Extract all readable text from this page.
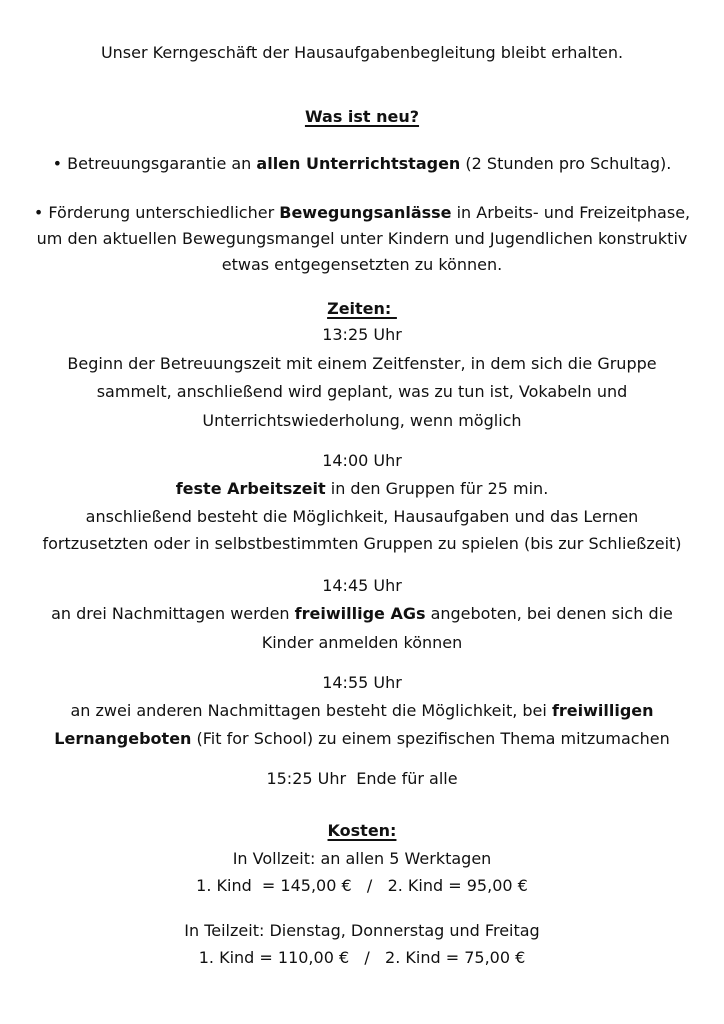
Unser Kerngeschäft der Hausaufgabenbegleitung bleibt erhalten.
Was ist neu?
• Betreuungsgarantie an allen Unterrichtstagen (2 Stunden pro Schultag).
• Förderung unterschiedlicher Bewegungsanlässe in Arbeits- und Freizeitphase,
um den aktuellen Bewegungsmangel unter Kindern und Jugendlichen konstruktiv
etwas entgegensetzten zu können.
Zeiten:
13:25 Uhr
Beginn der Betreuungszeit mit einem Zeitfenster, in dem sich die Gruppe
sammelt, anschließend wird geplant, was zu tun ist, Vokabeln und
Unterrichtswiederholung, wenn möglich
14:00 Uhr
feste Arbeitszeit in den Gruppen für 25 min.
anschließend besteht die Möglichkeit, Hausaufgaben und das Lernen
fortzusetzten oder in selbstbestimmten Gruppen zu spielen (bis zur Schließzeit)
14:45 Uhr
an drei Nachmittagen werden freiwillige AGs angeboten, bei denen sich die
Kinder anmelden können
14:55 Uhr
an zwei anderen Nachmittagen besteht die Möglichkeit, bei freiwilligen
Lernangeboten (Fit for School) zu einem spezifischen Thema mitzumachen
15:25 Uhr  Ende für alle
Kosten:
In Vollzeit: an allen 5 Werktagen
1. Kind  = 145,00 €   /   2. Kind = 95,00 €
In Teilzeit: Dienstag, Donnerstag und Freitag
1. Kind = 110,00 €   /   2. Kind = 75,00 €
